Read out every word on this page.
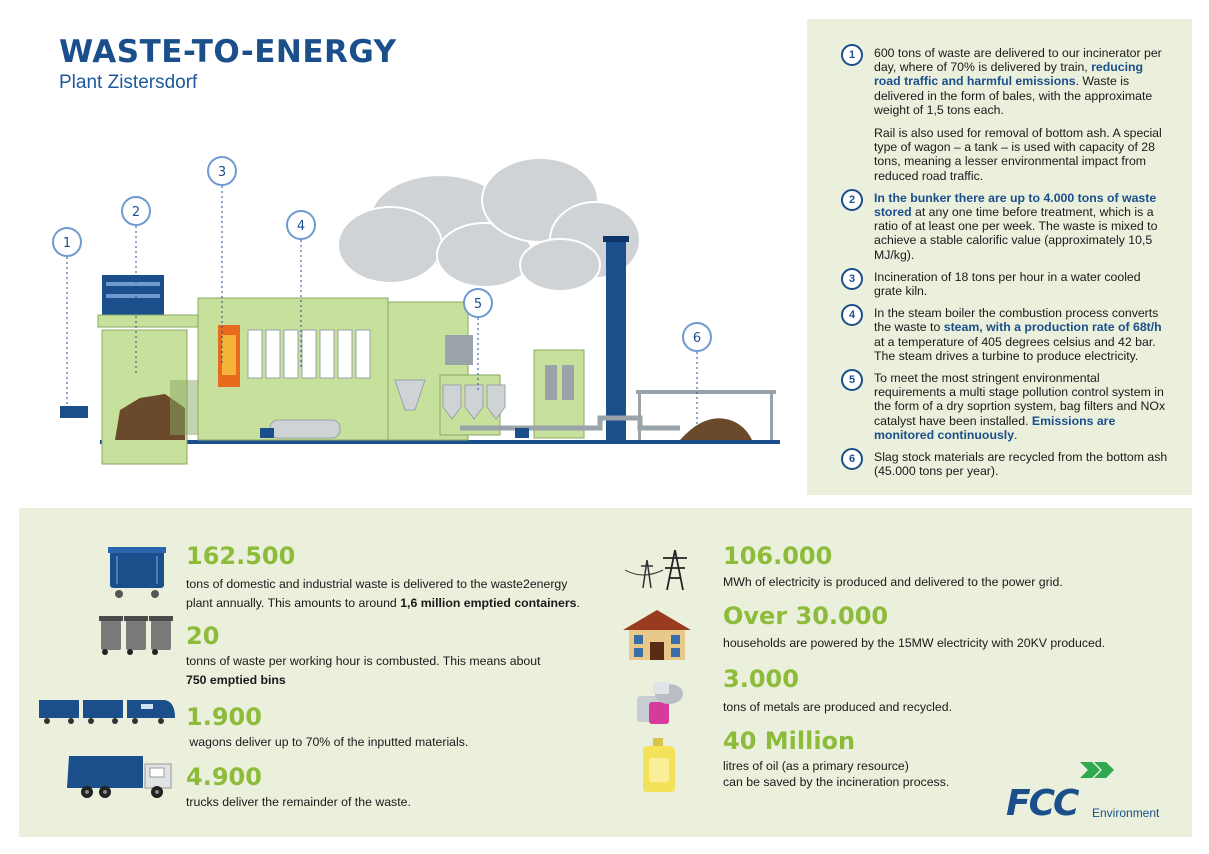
WASTE-TO-ENERGY
Plant Zistersdorf
1
2
3
4
5
6
1	600 tons of waste are delivered to our incinerator per day, where of 70% is delivered by train, reducing road traffic and harmful emissions. Waste is delivered in the form of bales, with the approximate weight of 1,5 tons each.

Rail is also used for removal of bottom ash. A special type of wagon – a tank – is used with capacity of 28 tons, meaning a lesser environmental impact from reduced road traffic.

2	In the bunker there are up to 4.000 tons of waste stored at any one time before treatment, which is a ratio of at least one per week. The waste is mixed to achieve a stable calorific value (approximately 10,5 MJ/kg).

3	Incineration of 18 tons per hour in a water cooled grate kiln.

4	In the steam boiler the combustion process converts the waste to steam, with a production rate of 68t/h at a temperature of 405 degrees celsius and 42 bar. The steam drives a turbine to produce electricity.

5	To meet the most stringent environmental requirements a multi stage pollution control system in the form of a dry soprtion system, bag filters and NOx catalyst have been installed. Emissions are monitored continuously.

6	Slag stock materials are recycled from the bottom ash (45.000 tons per year).

162.500
tons of domestic and industrial waste is delivered to the waste2energy
plant annually. This amounts to around 1,6 million emptied containers.
20
tonns of waste per working hour is combusted. This means about
750 emptied bins
1.900
wagons deliver up to 70% of the inputted materials.
4.900
trucks deliver the remainder of the waste.
106.000
MWh of electricity is produced and delivered to the power grid.
Over 30.000
households are powered by the 15MW electricity with 20KV produced.
3.000
tons of metals are produced and recycled.
40 Million
litres of oil (as a primary resource)
can be saved by the incineration process.
FCC Environment
